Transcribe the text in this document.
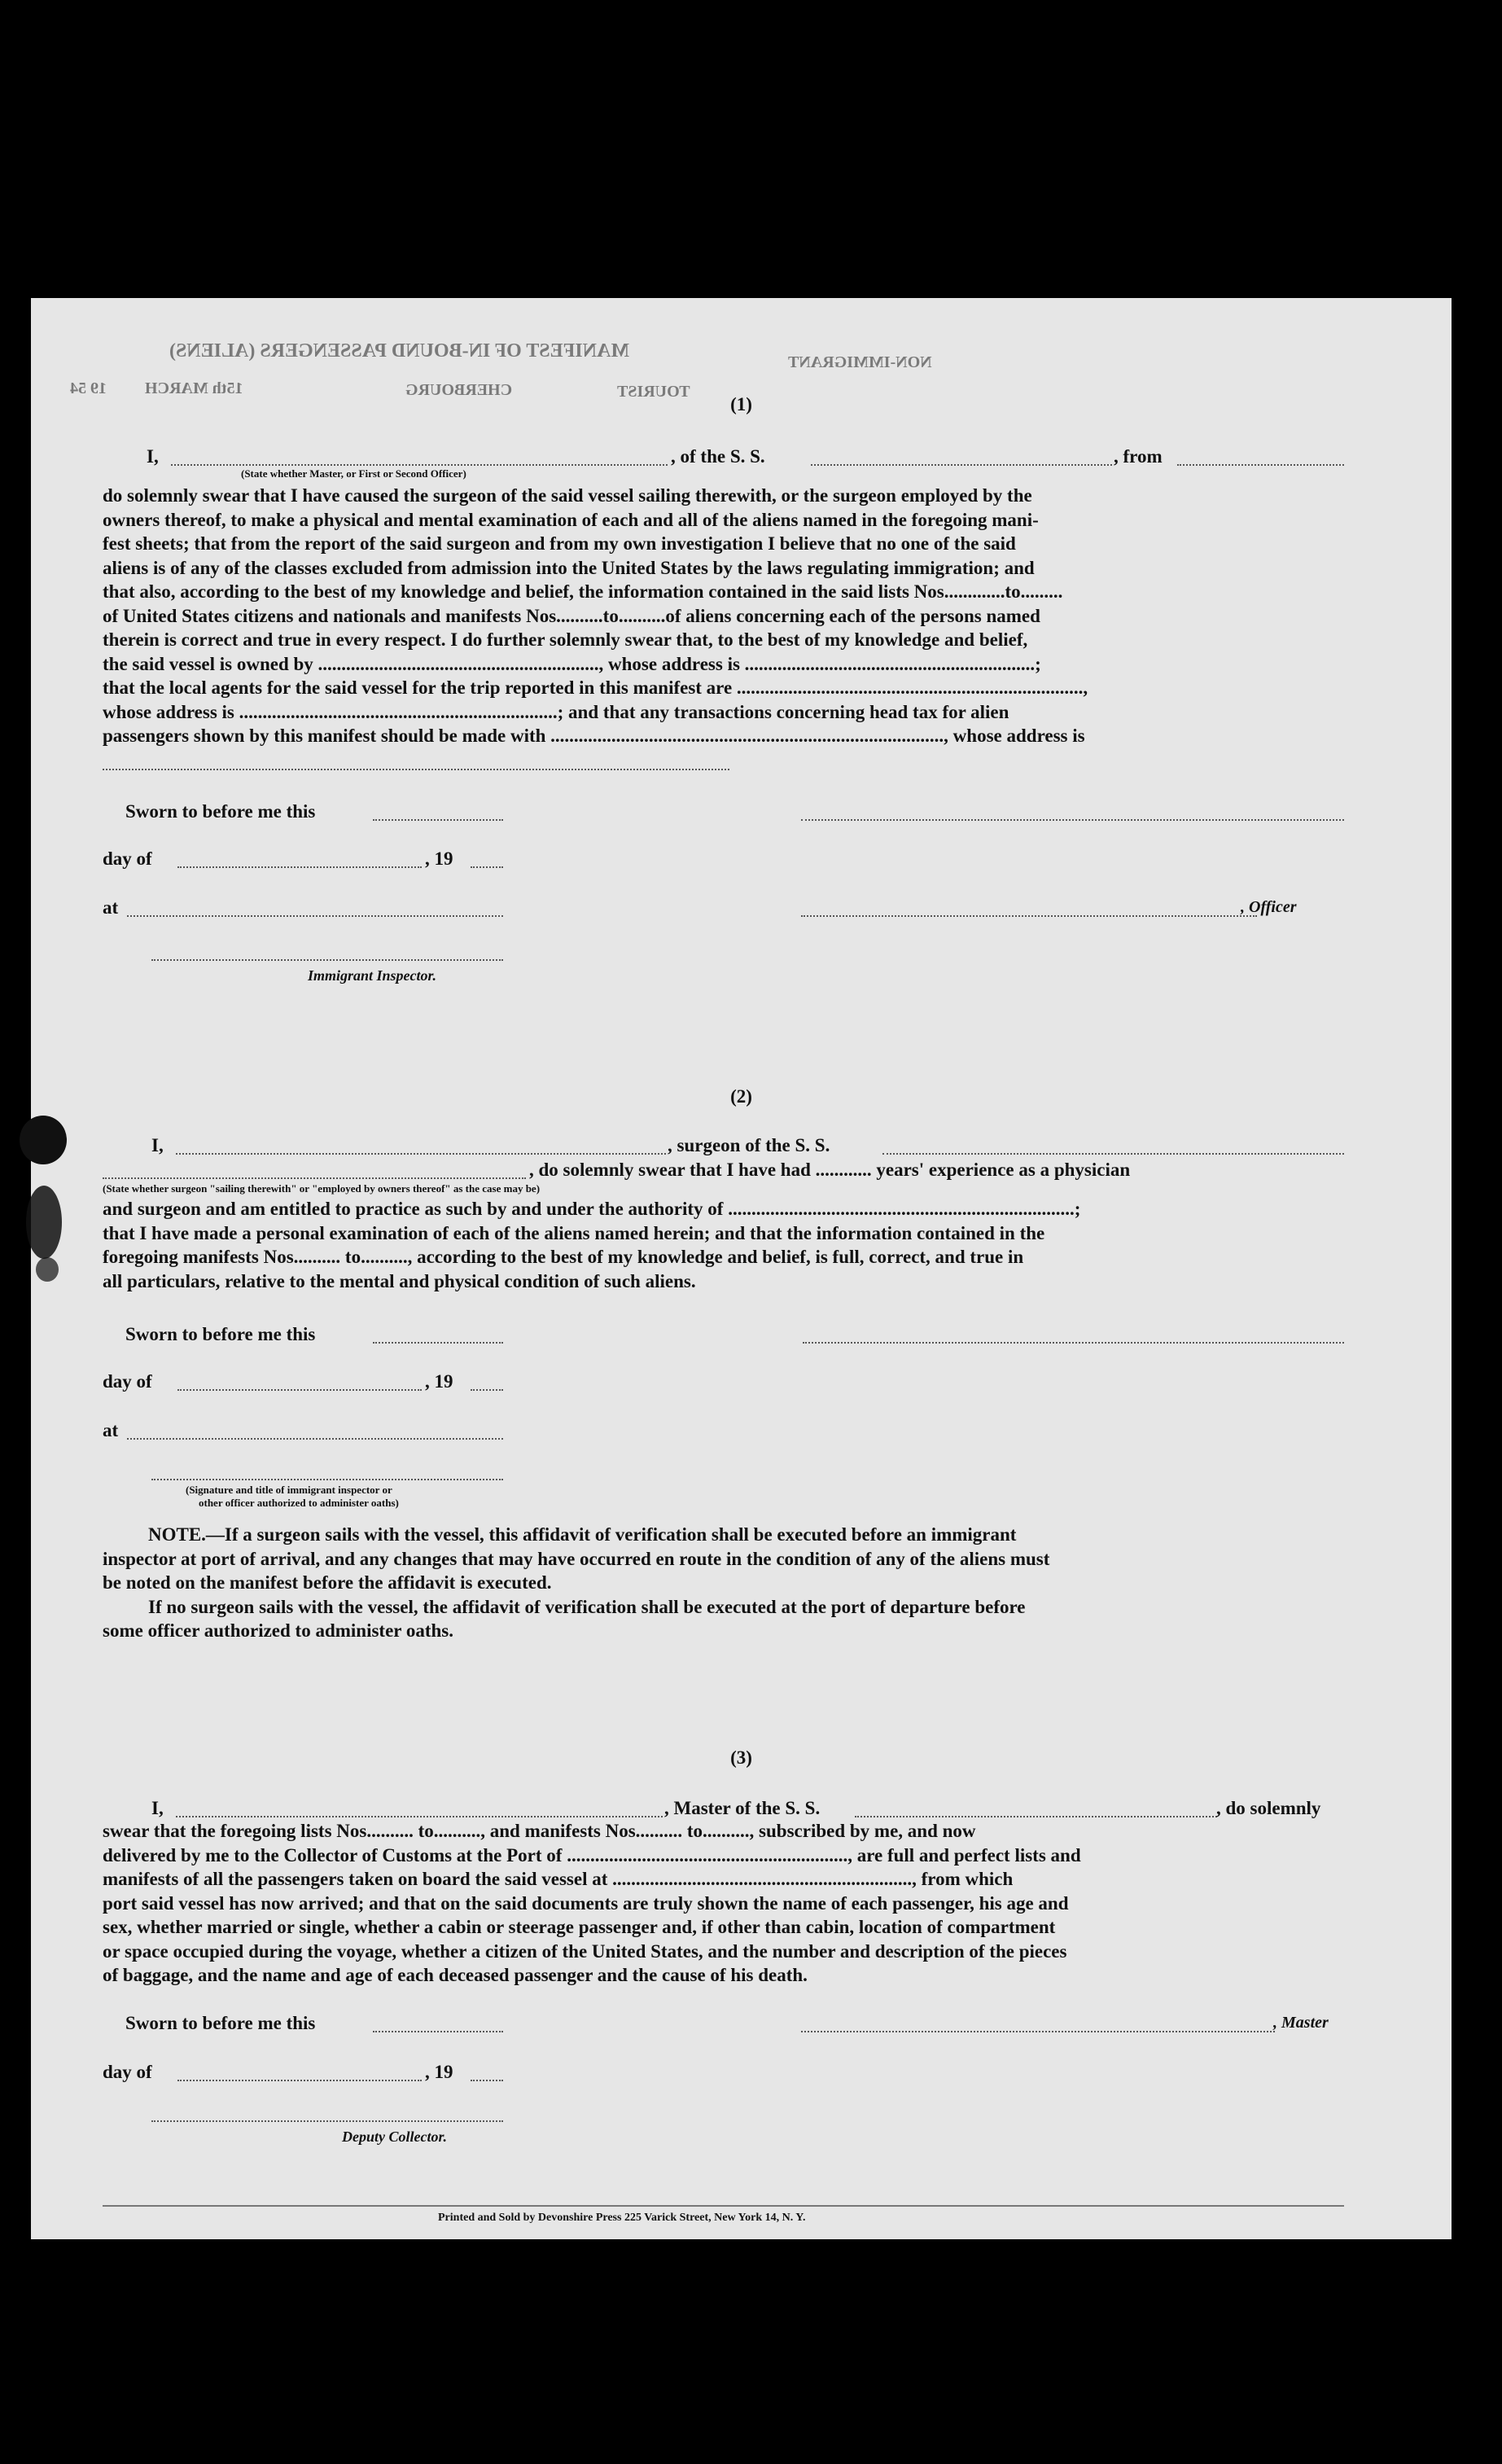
MANIFEST OF IN-BOUND PASSENGERS (ALIENS)
NON-IMMIGRANT
15th MARCH
19 54	CHERBOURG	TOURIST
(1)
I,	, of the S. S.	, from
(State whether Master, or First or Second Officer)
do solemnly swear that I have caused the surgeon of the said vessel sailing therewith, or the surgeon employed by the
owners thereof, to make a physical and mental examination of each and all of the aliens named in the foregoing mani-
fest sheets; that from the report of the said surgeon and from my own investigation I believe that no one of the said
aliens is of any of the classes excluded from admission into the United States by the laws regulating immigration; and
that also, according to the best of my knowledge and belief, the information contained in the said lists Nos.............to.........
of United States citizens and nationals and manifests Nos..........to..........of aliens concerning each of the persons named
therein is correct and true in every respect. I do further solemnly swear that, to the best of my knowledge and belief,
the said vessel is owned by ............................................................, whose address is ..............................................................;
that the local agents for the said vessel for the trip reported in this manifest are ..........................................................................,
whose address is ....................................................................; and that any transactions concerning head tax for alien
passengers shown by this manifest should be made with ...................................................................................., whose address is
Sworn to before me this
day of	, 19
at	, Officer
Immigrant Inspector.
(2)
I,	, surgeon of the S. S.
, do solemnly swear that I have had ............ years' experience as a physician
(State whether surgeon "sailing therewith" or "employed by owners thereof" as the case may be)
and surgeon and am entitled to practice as such by and under the authority of ..........................................................................;
that I have made a personal examination of each of the aliens named herein; and that the information contained in the
foregoing manifests Nos.......... to.........., according to the best of my knowledge and belief, is full, correct, and true in
all particulars, relative to the mental and physical condition of such aliens.
Sworn to before me this
day of	, 19
at
(Signature and title of immigrant inspector or
other officer authorized to administer oaths)
NOTE.—If a surgeon sails with the vessel, this affidavit of verification shall be executed before an immigrant
inspector at port of arrival, and any changes that may have occurred en route in the condition of any of the aliens must
be noted on the manifest before the affidavit is executed.
If no surgeon sails with the vessel, the affidavit of verification shall be executed at the port of departure before
some officer authorized to administer oaths.
(3)
I,	, Master of the S. S.	, do solemnly
swear that the foregoing lists Nos.......... to.........., and manifests Nos.......... to.........., subscribed by me, and now
delivered by me to the Collector of Customs at the Port of ............................................................, are full and perfect lists and
manifests of all the passengers taken on board the said vessel at ................................................................, from which
port said vessel has now arrived; and that on the said documents are truly shown the name of each passenger, his age and
sex, whether married or single, whether a cabin or steerage passenger and, if other than cabin, location of compartment
or space occupied during the voyage, whether a citizen of the United States, and the number and description of the pieces
of baggage, and the name and age of each deceased passenger and the cause of his death.
Sworn to before me this	, Master
day of	, 19
Deputy Collector.
Printed and Sold by Devonshire Press 225 Varick Street, New York 14, N. Y.
